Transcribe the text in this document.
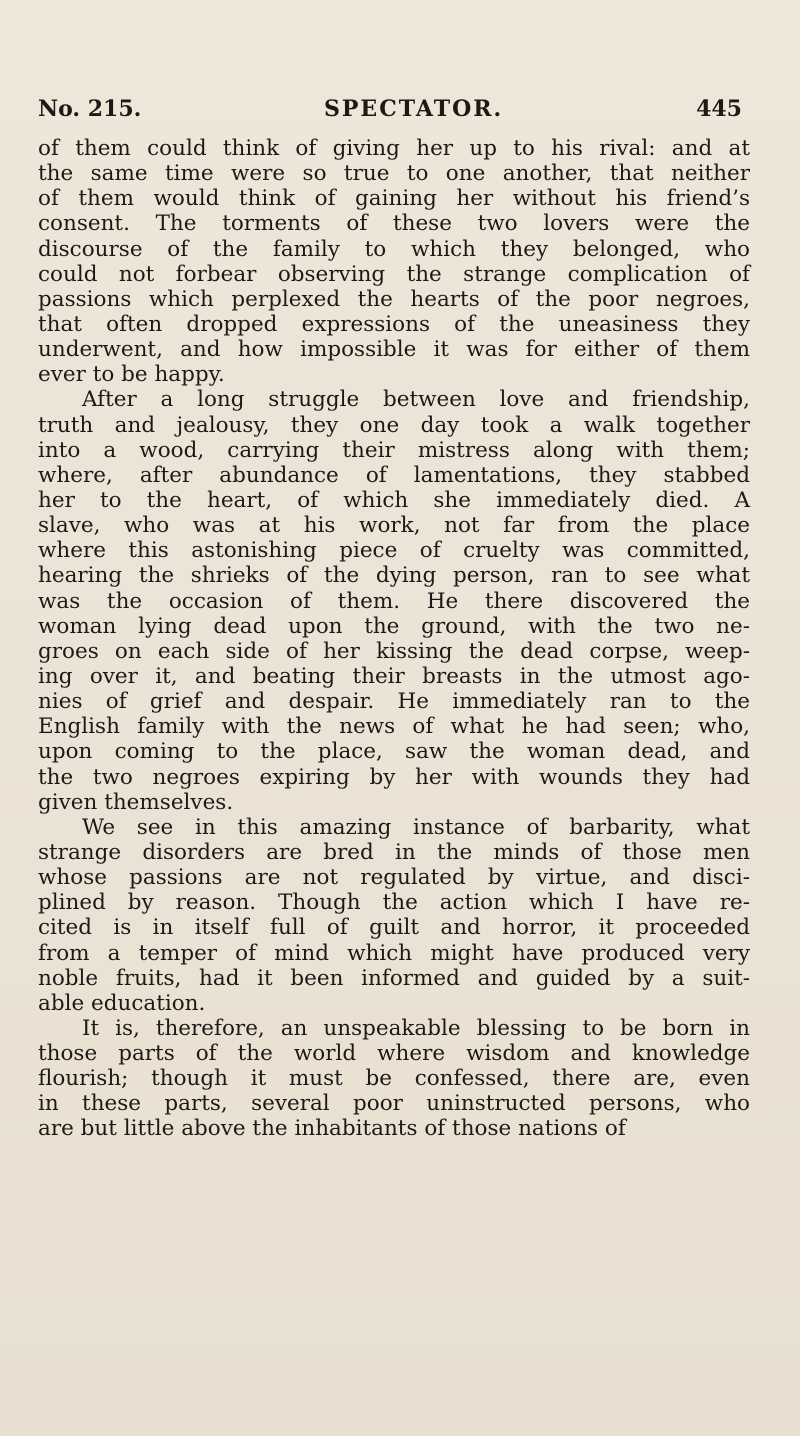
No. 215.	SPECTATOR.	445
of them could think of giving her up to his rival: and at
the same time were so true to one another, that neither
of them would think of gaining her without his friend’s
consent. The torments of these two lovers were the
discourse of the family to which they belonged, who
could not forbear observing the strange complication of
passions which perplexed the hearts of the poor negroes,
that often dropped expressions of the uneasiness they
underwent, and how impossible it was for either of them
ever to be happy.
After a long struggle between love and friendship,
truth and jealousy, they one day took a walk together
into a wood, carrying their mistress along with them;
where, after abundance of lamentations, they stabbed
her to the heart, of which she immediately died. A
slave, who was at his work, not far from the place
where this astonishing piece of cruelty was committed,
hearing the shrieks of the dying person, ran to see what
was the occasion of them. He there discovered the
woman lying dead upon the ground, with the two ne-
groes on each side of her kissing the dead corpse, weep-
ing over it, and beating their breasts in the utmost ago-
nies of grief and despair. He immediately ran to the
English family with the news of what he had seen; who,
upon coming to the place, saw the woman dead, and
the two negroes expiring by her with wounds they had
given themselves.
We see in this amazing instance of barbarity, what
strange disorders are bred in the minds of those men
whose passions are not regulated by virtue, and disci-
plined by reason. Though the action which I have re-
cited is in itself full of guilt and horror, it proceeded
from a temper of mind which might have produced very
noble fruits, had it been informed and guided by a suit-
able education.
It is, therefore, an unspeakable blessing to be born in
those parts of the world where wisdom and knowledge
flourish; though it must be confessed, there are, even
in these parts, several poor uninstructed persons, who
are but little above the inhabitants of those nations of
